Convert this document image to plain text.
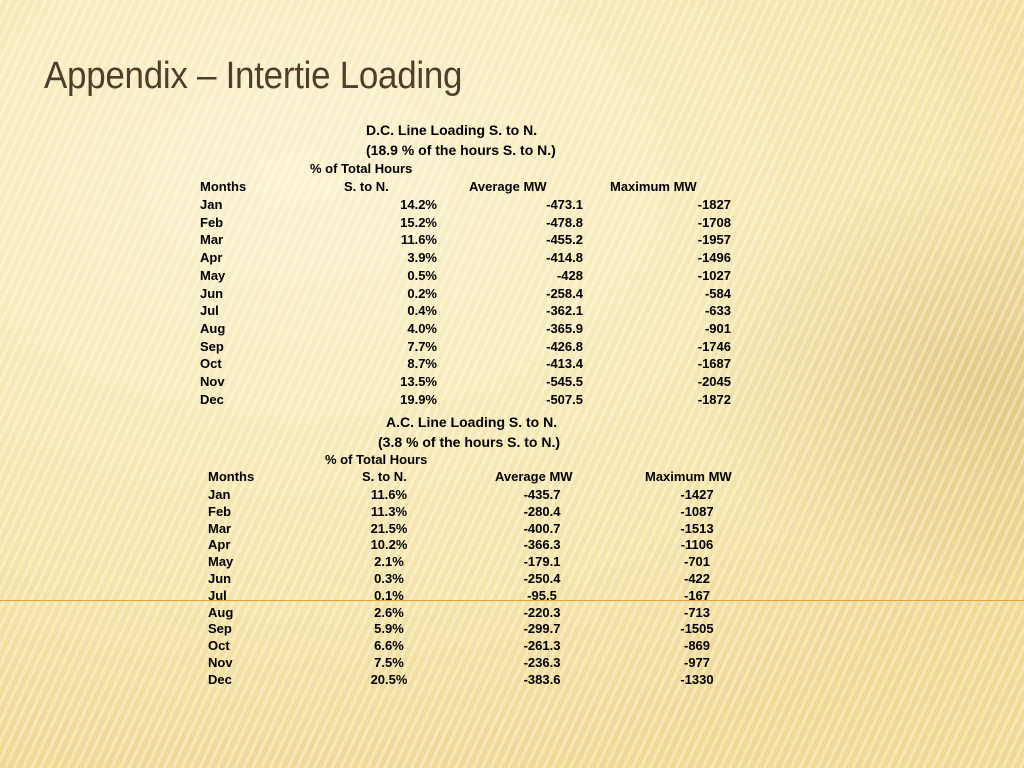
Appendix – Intertie Loading
D.C. Line Loading S. to N.
(18.9 % of the hours S. to N.)
% of Total Hours
Months	S. to N.	Average MW	Maximum MW
Jan	14.2%	-473.1	-1827
Feb	15.2%	-478.8	-1708
Mar	11.6%	-455.2	-1957
Apr	3.9%	-414.8	-1496
May	0.5%	-428	-1027
Jun	0.2%	-258.4	-584
Jul	0.4%	-362.1	-633
Aug	4.0%	-365.9	-901
Sep	7.7%	-426.8	-1746
Oct	8.7%	-413.4	-1687
Nov	13.5%	-545.5	-2045
Dec	19.9%	-507.5	-1872
A.C. Line Loading S. to N.
(3.8 % of the hours S. to N.)
% of Total Hours
Months	S. to N.	Average MW	Maximum MW
Jan	11.6%	-435.7	-1427
Feb	11.3%	-280.4	-1087
Mar	21.5%	-400.7	-1513
Apr	10.2%	-366.3	-1106
May	2.1%	-179.1	-701
Jun	0.3%	-250.4	-422
Jul	0.1%	-95.5	-167
Aug	2.6%	-220.3	-713
Sep	5.9%	-299.7	-1505
Oct	6.6%	-261.3	-869
Nov	7.5%	-236.3	-977
Dec	20.5%	-383.6	-1330
